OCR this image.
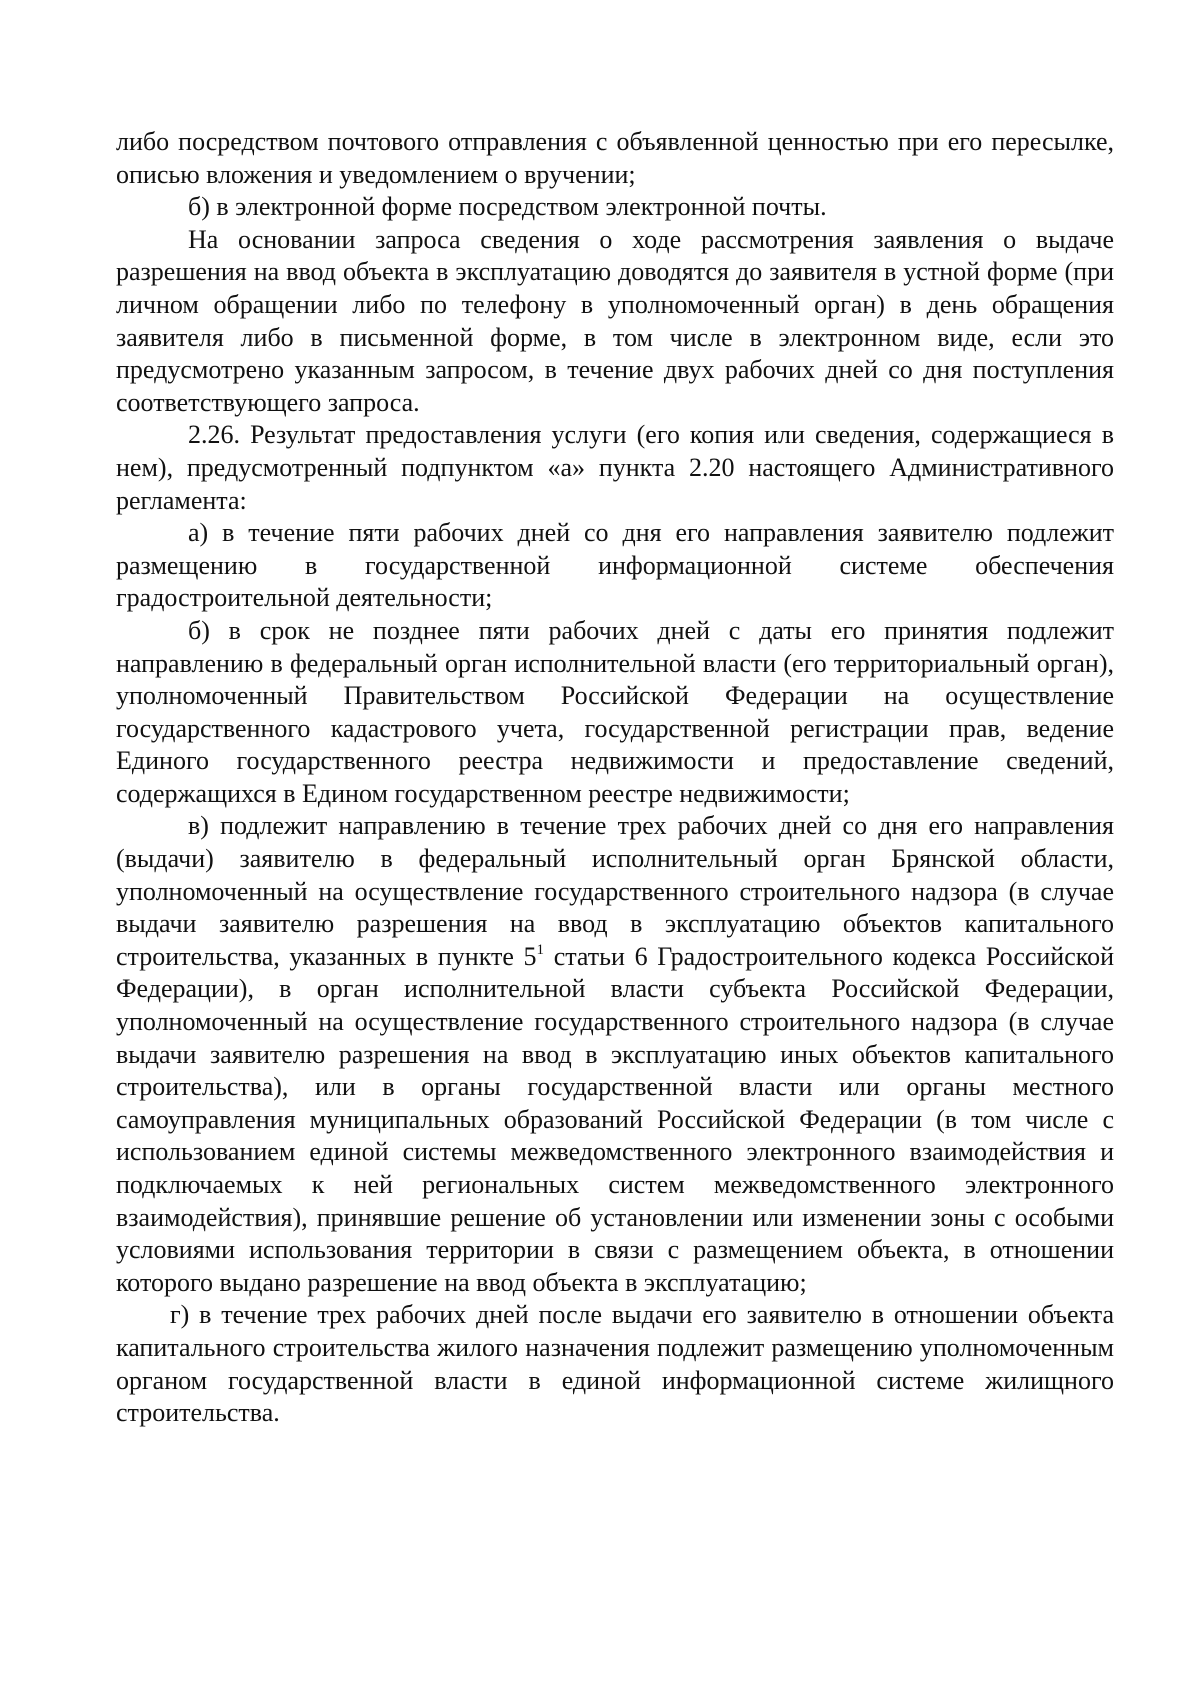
либо посредством почтового отправления с объявленной ценностью при его пересылке, описью вложения и уведомлением о вручении;

б) в электронной форме посредством электронной почты.

На основании запроса сведения о ходе рассмотрения заявления о выдаче разрешения на ввод объекта в эксплуатацию доводятся до заявителя в устной форме (при личном обращении либо по телефону в уполномоченный орган) в день обращения заявителя либо в письменной форме, в том числе в электронном виде, если это предусмотрено указанным запросом, в течение двух рабочих дней со дня поступления соответствующего запроса.

2.26. Результат предоставления услуги (его копия или сведения, содержащиеся в нем), предусмотренный подпунктом «а» пункта 2.20 настоящего Административного регламента:

а) в течение пяти рабочих дней со дня его направления заявителю подлежит размещению в государственной информационной системе обеспечения градостроительной деятельности;

б) в срок не позднее пяти рабочих дней с даты его принятия подлежит направлению в федеральный орган исполнительной власти (его территориальный орган), уполномоченный Правительством Российской Федерации на осуществление государственного кадастрового учета, государственной регистрации прав, ведение Единого государственного реестра недвижимости и предоставление сведений, содержащихся в Едином государственном реестре недвижимости;

в) подлежит направлению в течение трех рабочих дней со дня его направления (выдачи) заявителю в федеральный исполнительный орган Брянской области, уполномоченный на осуществление государственного строительного надзора (в случае выдачи заявителю разрешения на ввод в эксплуатацию объектов капитального строительства, указанных в пункте $5^1$ статьи 6 Градостроительного кодекса Российской Федерации), в орган исполнительной власти субъекта Российской Федерации, уполномоченный на осуществление государственного строительного надзора (в случае выдачи заявителю разрешения на ввод в эксплуатацию иных объектов капитального строительства), или в органы государственной власти или органы местного самоуправления муниципальных образований Российской Федерации (в том числе с использованием единой системы межведомственного электронного взаимодействия и подключаемых к ней региональных систем межведомственного электронного взаимодействия), принявшие решение об установлении или изменении зоны с особыми условиями использования территории в связи с размещением объекта, в отношении которого выдано разрешение на ввод объекта в эксплуатацию;

г) в течение трех рабочих дней после выдачи его заявителю в отношении объекта капитального строительства жилого назначения подлежит размещению уполномоченным органом государственной власти в единой информационной системе жилищного строительства.
